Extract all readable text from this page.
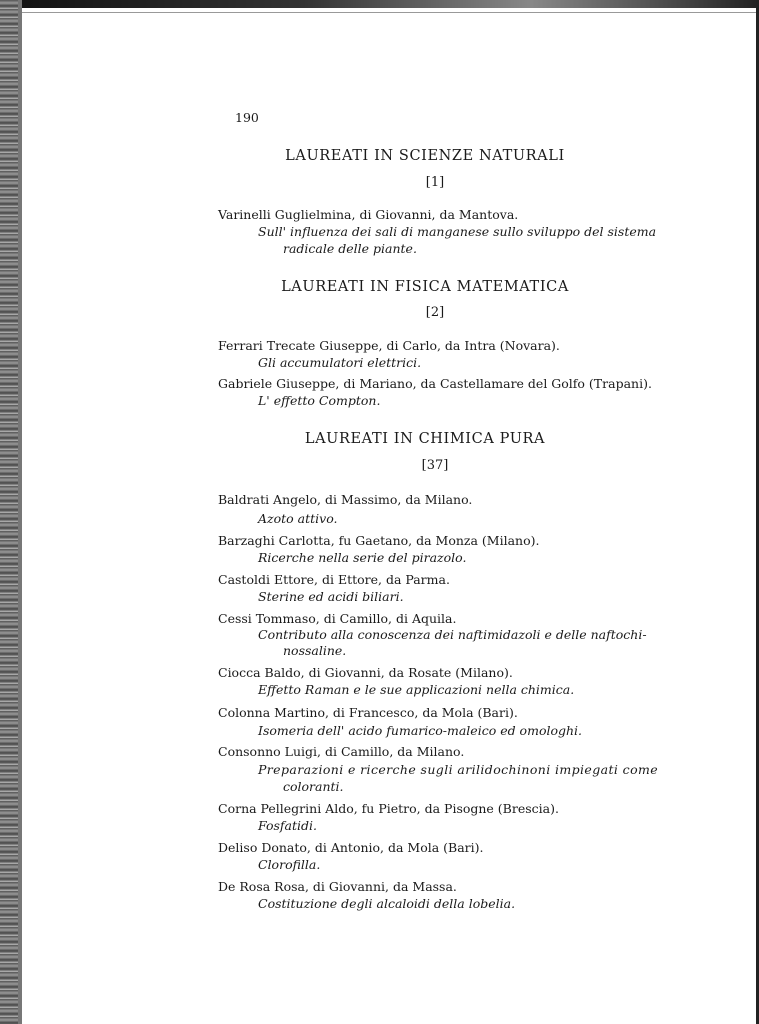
190
LAUREATI IN SCIENZE NATURALI
[1]
Varinelli Guglielmina, di Giovanni, da Mantova.
Sull' influenza dei sali di manganese sullo sviluppo del sistema
radicale delle piante.
LAUREATI IN FISICA MATEMATICA
[2]
Ferrari Trecate Giuseppe, di Carlo, da Intra (Novara).
Gli accumulatori elettrici.
Gabriele Giuseppe, di Mariano, da Castellamare del Golfo (Trapani).
L' effetto Compton.
LAUREATI IN CHIMICA PURA
[37]
Baldrati Angelo, di Massimo, da Milano.
Azoto attivo.
Barzaghi Carlotta, fu Gaetano, da Monza (Milano).
Ricerche nella serie del pirazolo.
Castoldi Ettore, di Ettore, da Parma.
Sterine ed acidi biliari.
Cessi Tommaso, di Camillo, di Aquila.
Contributo alla conoscenza dei naftimidazoli e delle naftochi-
nossaline.
Ciocca Baldo, di Giovanni, da Rosate (Milano).
Effetto Raman e le sue applicazioni nella chimica.
Colonna Martino, di Francesco, da Mola (Bari).
Isomeria dell' acido fumarico-maleico ed omologhi.
Consonno Luigi, di Camillo, da Milano.
Preparazioni e ricerche sugli arilidochinoni impiegati come
coloranti.
Corna Pellegrini Aldo, fu Pietro, da Pisogne (Brescia).
Fosfatidi.
Deliso Donato, di Antonio, da Mola (Bari).
Clorofilla.
De Rosa Rosa, di Giovanni, da Massa.
Costituzione degli alcaloidi della lobelia.
